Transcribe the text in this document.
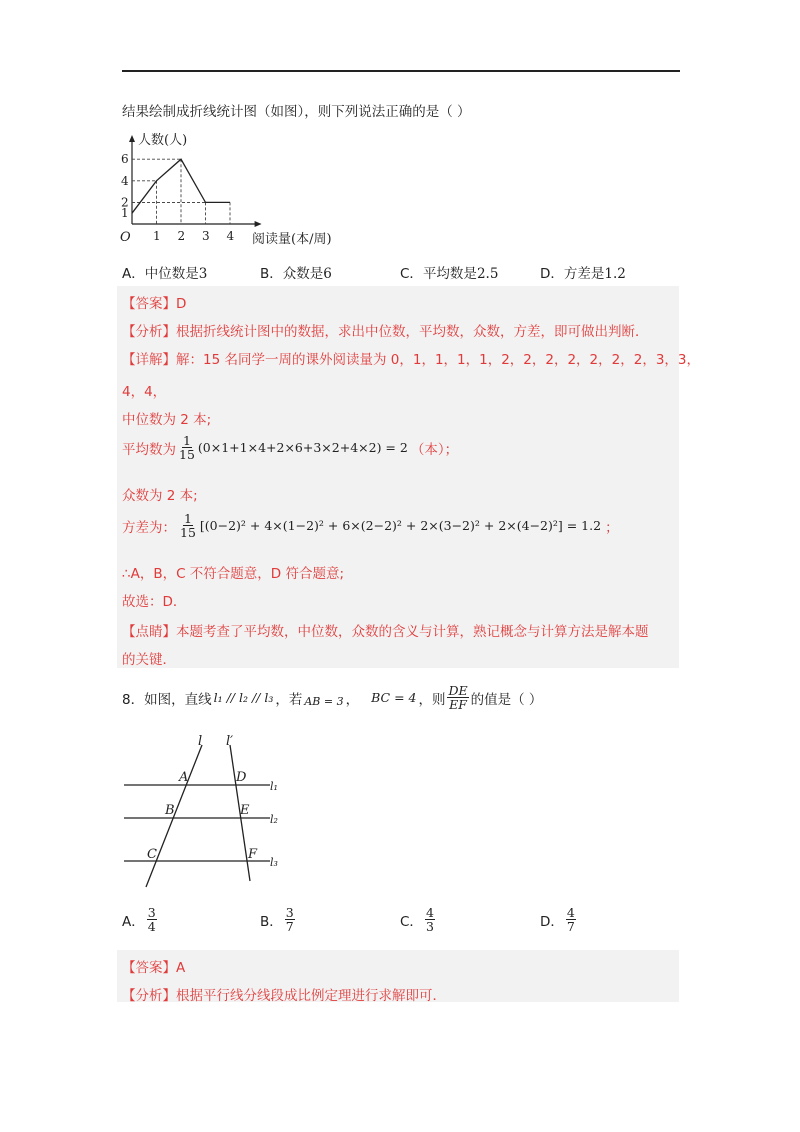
结果绘制成折线统计图（如图），则下列说法正确的是（ ）
1 2 3 4
1
2
4
6
O
人数(人)
阅读量(本/周)
A．中位数是3	B．众数是6	C．平均数是2.5	D．方差是1.2
【答案】D
【分析】根据折线统计图中的数据，求出中位数，平均数，众数，方差，即可做出判断．
【详解】解：15 名同学一周的课外阅读量为 0，1，1，1，1，2，2，2，2，2，2，2，3，3，
4，4，
中位数为 2 本;
平均数为 $\frac{1}{15} (0\times 1+1\times 4+2\times 6+3\times 2+4\times 2) = 2$ （本）；
众数为 2 本;
方差为： $\frac{1}{15} [(0-2)^2 + 4\times(1-2)^2 + 6\times(2-2)^2 + 2\times(3-2)^2 + 2\times(4-2)^2] = 1.2$ ；
∴A，B，C 不符合题意，D 符合题意;
故选：D．
【点睛】本题考查了平均数，中位数，众数的含义与计算，熟记概念与计算方法是解本题
的关键．
8．如图，直线 l₁ // l₂ // l₃ ，若 AB = 3 ， BC = 4 ，则 $\frac{DE}{EF}$ 的值是（ ）
l l′
l₁
l₂
l₃
A
B
C
D
E
F
A． $\frac{3}{4}$	B． $\frac{3}{7}$	C． $\frac{4}{3}$	D． $\frac{4}{7}$
【答案】A
【分析】根据平行线分线段成比例定理进行求解即可．
